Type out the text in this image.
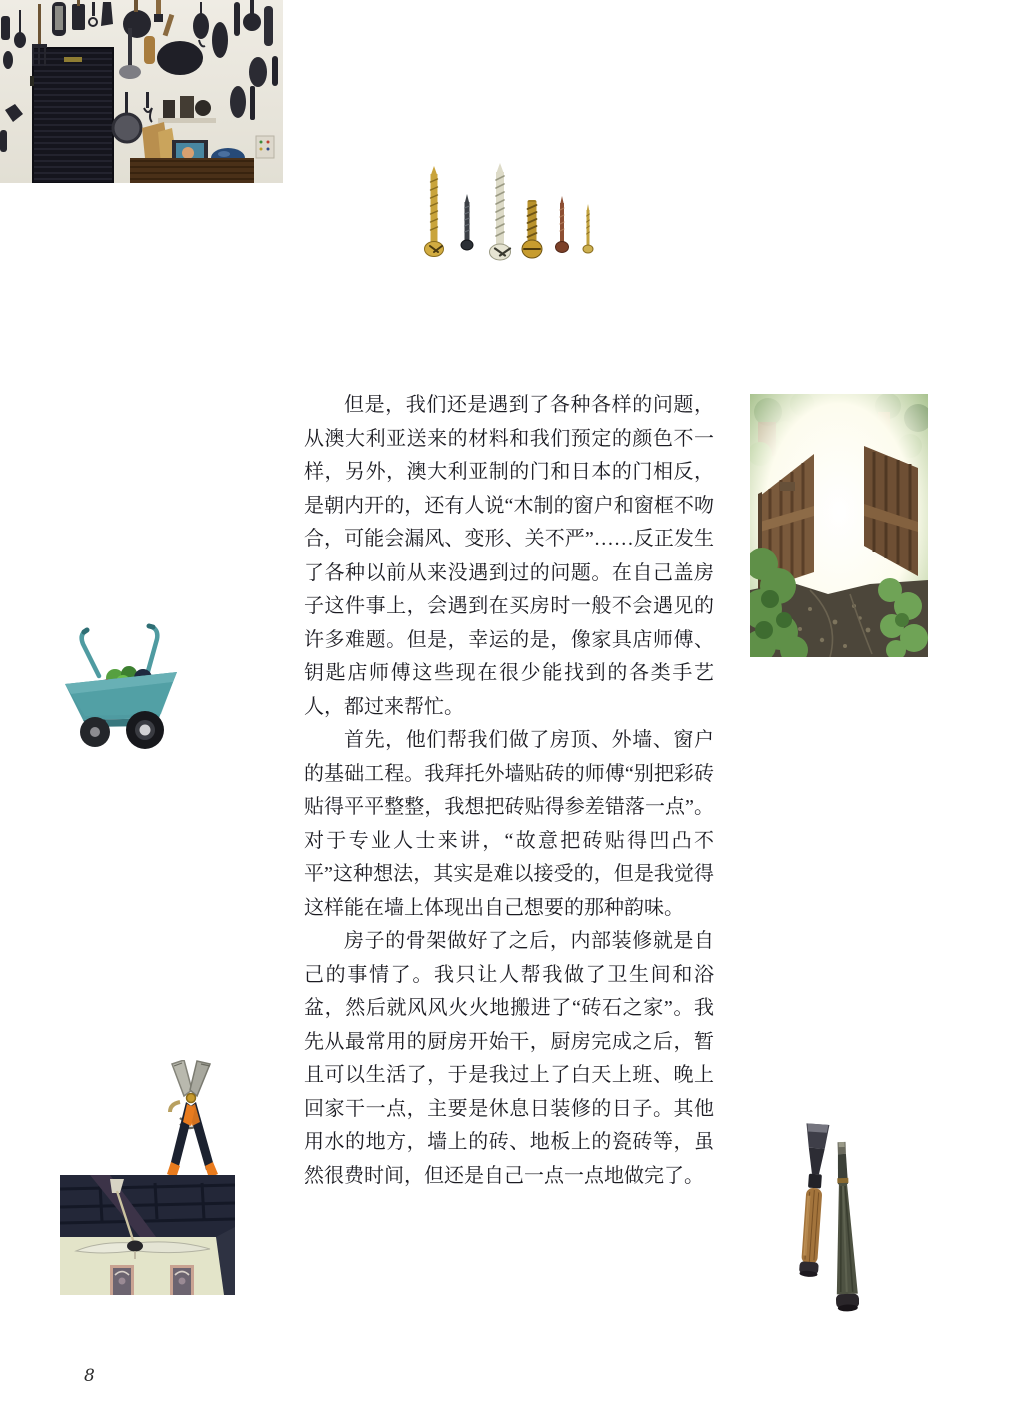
但是，我们还是遇到了各种各样的问题，从澳大利亚送来的材料和我们预定的颜色不一样，另外，澳大利亚制的门和日本的门相反，是朝内开的，还有人说“木制的窗户和窗框不吻合，可能会漏风、变形、关不严”……反正发生了各种以前从来没遇到过的问题。在自己盖房子这件事上，会遇到在买房时一般不会遇见的许多难题。但是，幸运的是，像家具店师傅、钥匙店师傅这些现在很少能找到的各类手艺人，都过来帮忙。

首先，他们帮我们做了房顶、外墙、窗户的基础工程。我拜托外墙贴砖的师傅“别把彩砖贴得平平整整，我想把砖贴得参差错落一点”。对于专业人士来讲，“故意把砖贴得凹凸不平”这种想法，其实是难以接受的，但是我觉得这样能在墙上体现出自己想要的那种韵味。

房子的骨架做好了之后，内部装修就是自己的事情了。我只让人帮我做了卫生间和浴盆，然后就风风火火地搬进了“砖石之家”。我先从最常用的厨房开始干，厨房完成之后，暂且可以生活了，于是我过上了白天上班、晚上回家干一点，主要是休息日装修的日子。其他用水的地方，墙上的砖、地板上的瓷砖等，虽然很费时间，但还是自己一点一点地做完了。

8
